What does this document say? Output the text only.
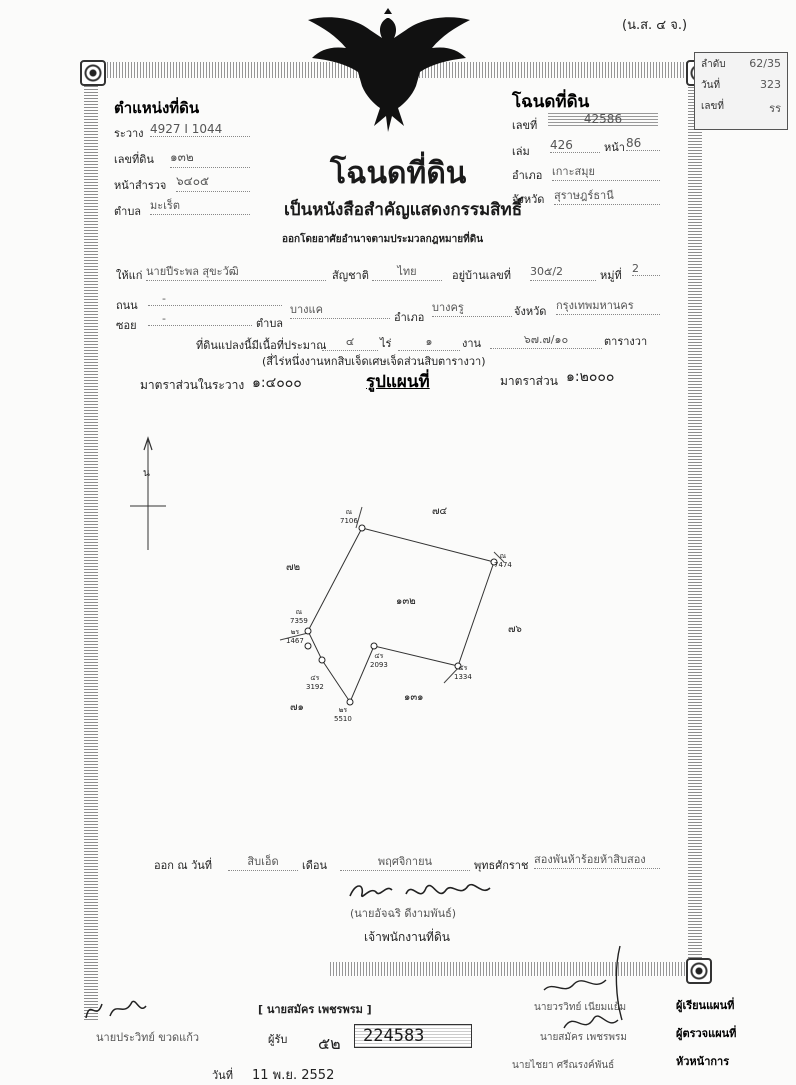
(น.ส. ๔ จ.)
ลำดับ 62/35
วันที่	323
เลขที่	รร
ตำแหน่งที่ดิน
ระวาง 4927 I 1044
เลขที่ดิน ๑๓๒
หน้าสำรวจ ๖๔๐๕
ตำบล มะเร็ต
โฉนดที่ดิน
เลขที่	42586
เล่ม 426	หน้า 86
อำเภอ เกาะสมุย
จังหวัด สุราษฎร์ธานี
โฉนดที่ดิน
เป็นหนังสือสำคัญแสดงกรรมสิทธิ์
ออกโดยอาศัยอำนาจตามประมวลกฎหมายที่ดิน
ให้แก่ นายปีระพล สุขะวัฒิ	สัญชาติ	ไทย	อยู่บ้านเลขที่ 30๕/2	หมู่ที่
2
ถนน
-
ซอย
-	ตำบล
บางแค
อำเภอ
บางครู	จังหวัด กรุงเทพมหานคร
ที่ดินแปลงนี้มีเนื้อที่ประมาณ	๔	ไร่	๑	งาน	๖๗.๗/๑๐	ตารางวา
(สี่ไร่หนึ่งงานหกสิบเจ็ดเศษเจ็ดส่วนสิบตารางวา)
มาตราส่วนในระวาง ๑:๔๐๐๐	รูปแผนที่	มาตราส่วน ๑:๒๐๐๐
น
๑๓๒
๗๔
๗๒
๗๖
๗๑
๑๓๑
ณ
7106
ณ
7474
ณ
7359
๒ร
1467
๔ร
2093	๔ร
1334
๔ร
3192
๒ร
5510
ออก ณ วันที่	สิบเอ็ด	เดือน	พฤศจิกายน	พุทธศักราช สองพันห้าร้อยห้าสิบสอง
(นายอัจฉริ ดีงามพันธ์)
เจ้าพนักงานที่ดิน
[ นายสมัคร เพชรพรม ]
นายประวิทย์ ขวดแก้ว	ผู้รับ ๕๒	224583
วันที่ 11 พ.ย. 2552
นายวรวิทย์ เนียมแย้ม	ผู้เรียนแผนที่
นายสมัคร เพชรพรม	ผู้ตรวจแผนที่
นายไชยา ศรีณรงค์พันธ์	หัวหน้าการ
